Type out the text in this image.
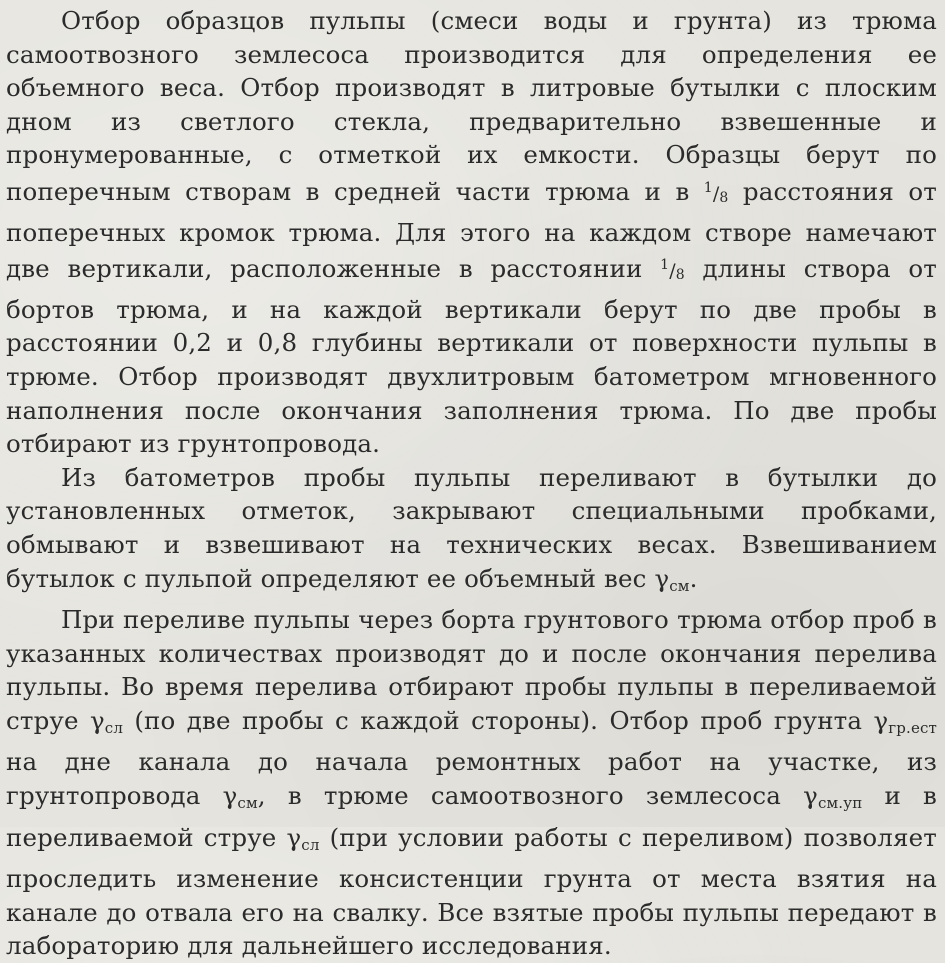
Отбор образцов пульпы (смеси воды и грунта) из трюма самоотвозного землесоса производится для определения ее объемного веса. Отбор производят в литровые бутылки с плоским дном из светлого стекла, предварительно взвешенные и пронумерованные, с отметкой их емкости. Образцы берут по поперечным створам в средней части трюма и в $^1/_8$ расстояния от поперечных кромок трюма. Для этого на каждом створе намечают две вертикали, расположенные в расстоянии $^1/_8$ длины створа от бортов трюма, и на каждой вертикали берут по две пробы в расстоянии 0,2 и 0,8 глубины вертикали от поверхности пульпы в трюме. Отбор производят двухлитровым батометром мгновенного наполнения после окончания заполнения трюма. По две пробы отбирают из грунтопровода.

Из батометров пробы пульпы переливают в бутылки до установленных отметок, закрывают специальными пробками, обмывают и взвешивают на технических весах. Взвешиванием бутылок с пульпой определяют ее объемный вес $\gamma_{см}$.

При переливе пульпы через борта грунтового трюма отбор проб в указанных количествах производят до и после окончания перелива пульпы. Во время перелива отбирают пробы пульпы в переливаемой струе $\gamma_{сл}$ (по две пробы с каждой стороны). Отбор проб грунта $\gamma_{гр.ест}$ на дне канала до начала ремонтных работ на участке, из грунтопровода $\gamma_{см}$, в трюме самоотвозного землесоса $\gamma_{см.уп}$ и в переливаемой струе $\gamma_{сл}$ (при условии работы с переливом) позволяет проследить изменение консистенции грунта от места взятия на канале до отвала его на свалку. Все взятые пробы пульпы передают в лабораторию для дальнейшего исследования.
